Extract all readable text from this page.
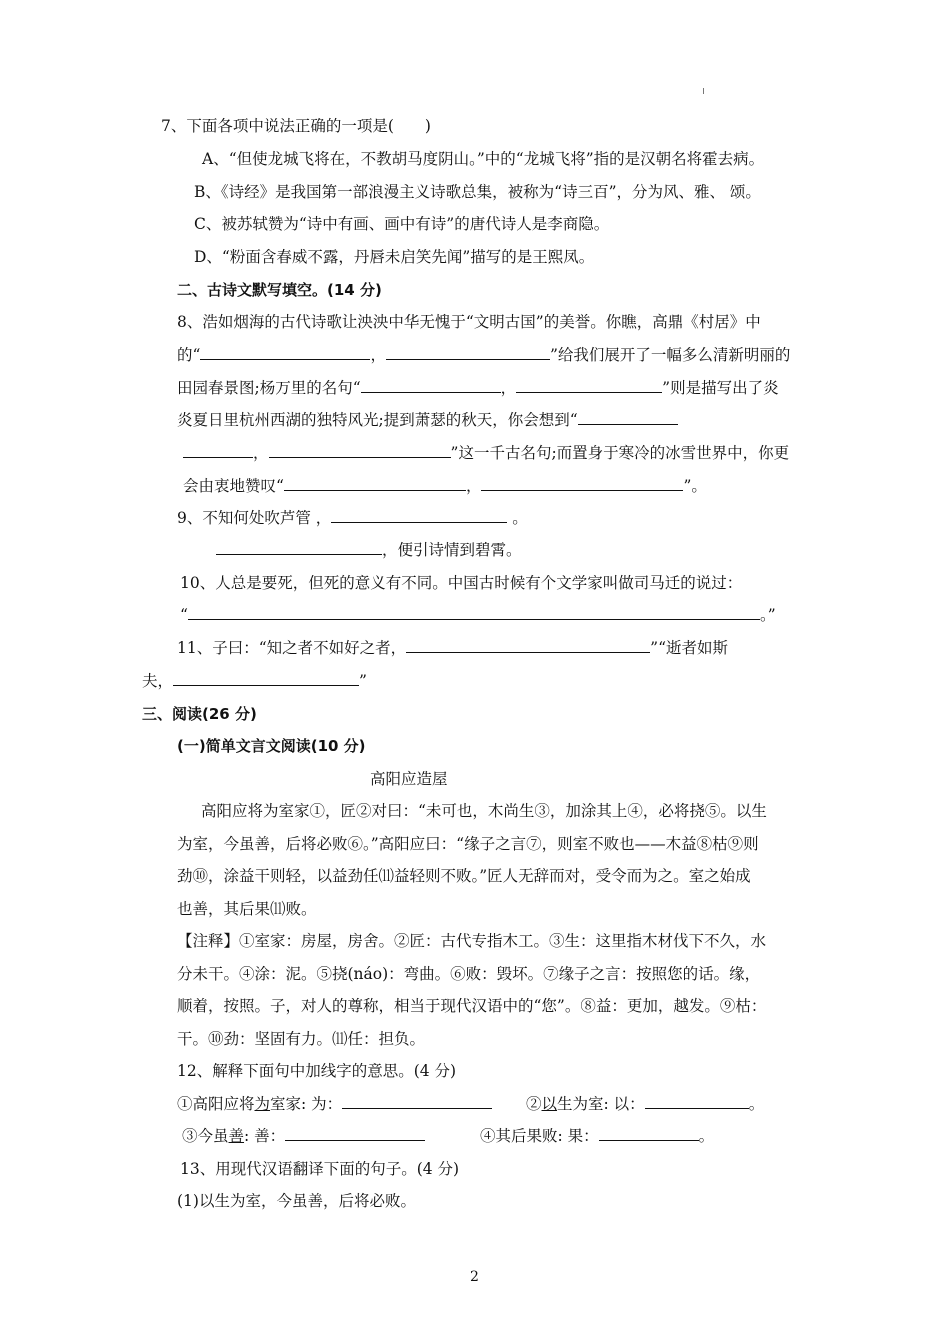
7、下面各项中说法正确的一项是(　　)
A、“但使龙城飞将在，不教胡马度阴山。”中的“龙城飞将”指的是汉朝名将霍去病。
B、《诗经》是我国第一部浪漫主义诗歌总集，被称为“诗三百”，分为风、雅、 颂。
C、被苏轼赞为“诗中有画、画中有诗”的唐代诗人是李商隐。
D、“粉面含春威不露，丹唇未启笑先闻”描写的是王熙凤。
二、古诗文默写填空。(14 分)
8、浩如烟海的古代诗歌让泱泱中华无愧于“文明古国”的美誉。你瞧，高鼎《村居》中
的“	，	”给我们展开了一幅多么清新明丽的
田园春景图;杨万里的名句“	，	”则是描写出了炎
炎夏日里杭州西湖的独特风光;提到萧瑟的秋天，你会想到“
，	”这一千古名句;而置身于寒冷的冰雪世界中，你更
会由衷地赞叹“	，	”。
9、不知何处吹芦管 ，	。
，便引诗情到碧霄。
10、人总是要死，但死的意义有不同。中国古时候有个文学家叫做司马迁的说过：
“	。”
11、子曰：“知之者不如好之者，	”“逝者如斯
夫，	”
三、阅读(26 分)
(一)简单文言文阅读(10 分)
高阳应造屋
高阳应将为室家①，匠②对曰：“未可也，木尚生③，加涂其上④，必将挠⑤。以生
为室，今虽善，后将必败⑥。”高阳应曰：“缘子之言⑦，则室不败也——木益⑧枯⑨则
劲⑩，涂益干则轻，以益劲任⑾益轻则不败。”匠人无辞而对，受令而为之。室之始成
也善，其后果⑾败。
【注释】①室家：房屋，房舍。②匠：古代专指木工。③生：这里指木材伐下不久，水
分未干。④涂：泥。⑤挠(náo)：弯曲。⑥败：毁坏。⑦缘子之言：按照您的话。缘，
顺着，按照。子，对人的尊称，相当于现代汉语中的“您”。⑧益：更加，越发。⑨枯：
干。⑩劲：坚固有力。⑾任：担负。
12、解释下面句中加线字的意思。(4 分)
①高阳应将为室家: 为：	②以生为室: 以：	。
③今虽善: 善：	④其后果败: 果：	。
13、用现代汉语翻译下面的句子。(4 分)
(1)以生为室，今虽善，后将必败。
2
